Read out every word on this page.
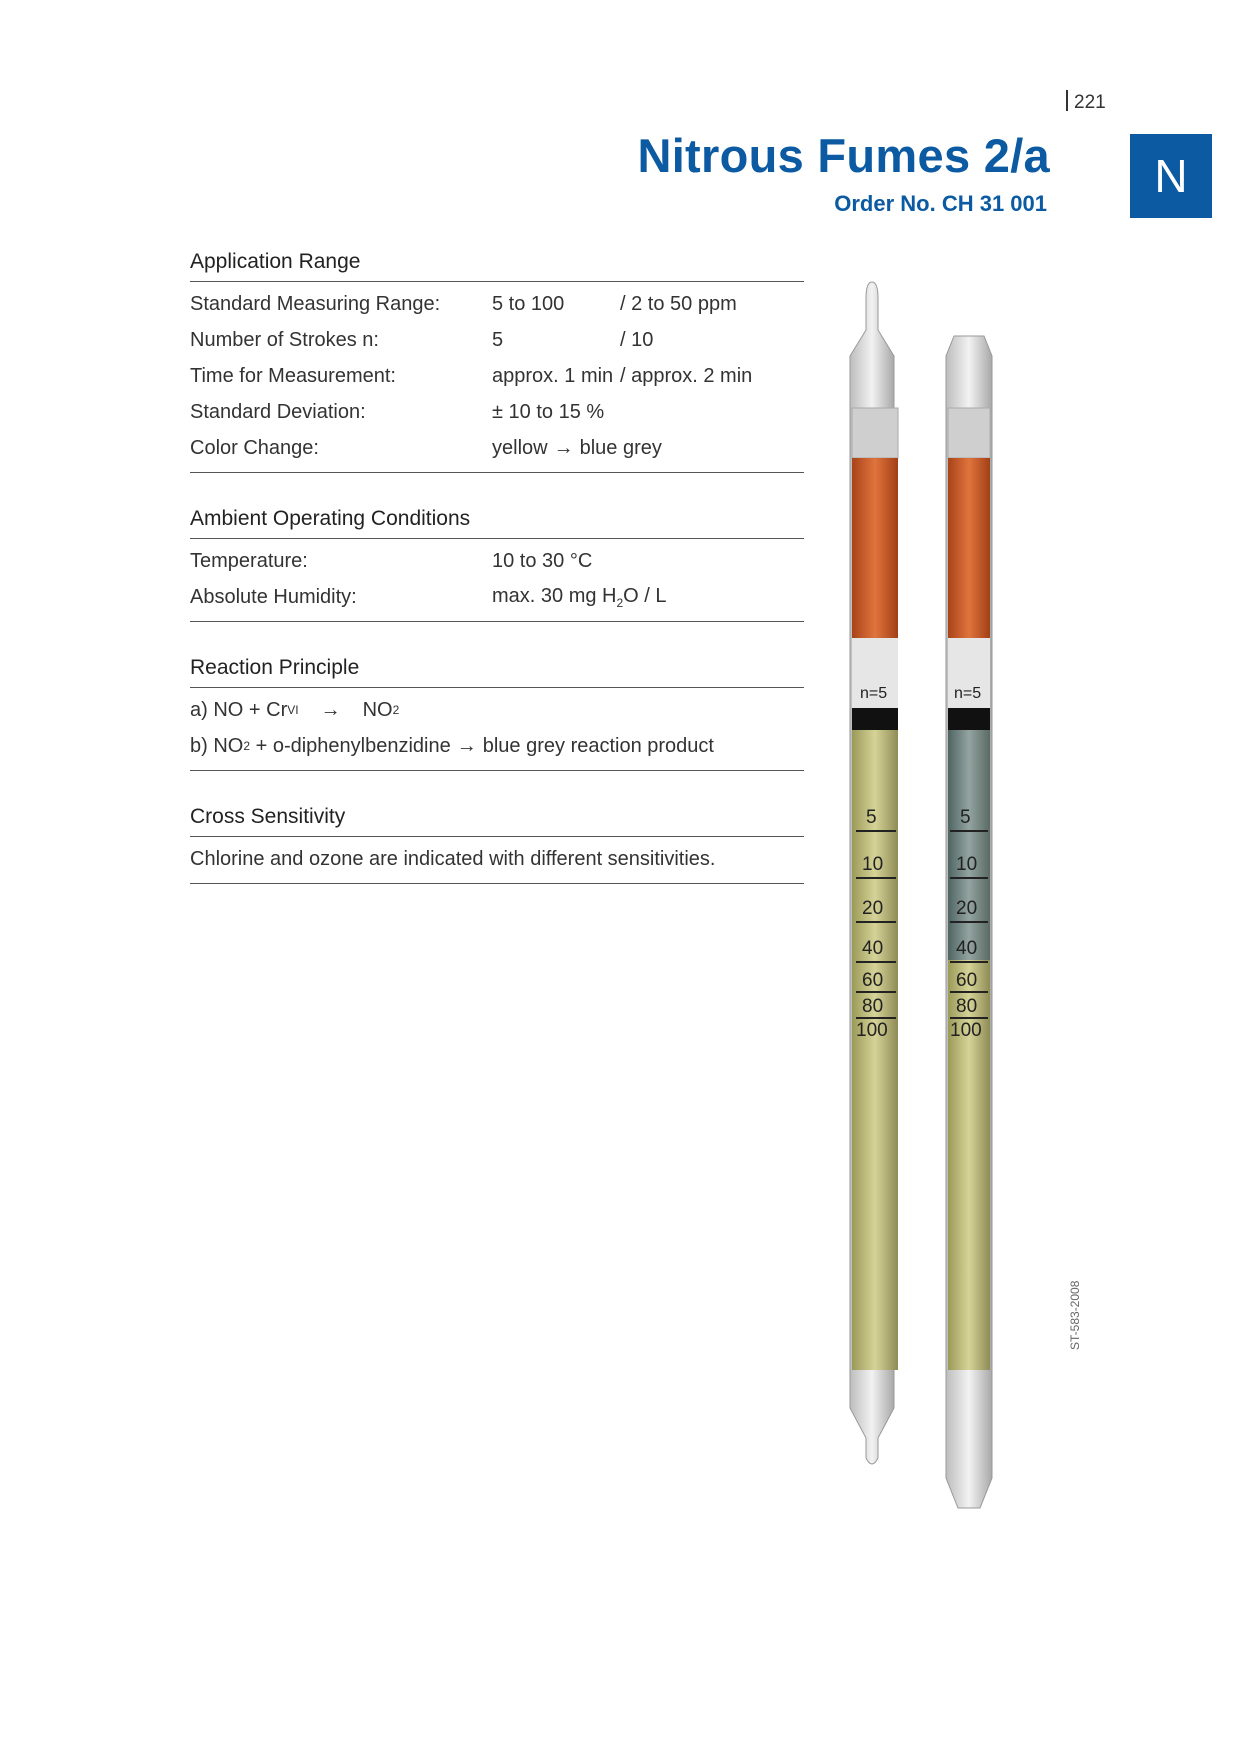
221
Nitrous Fumes 2/a
Order No. CH 31 001
N
Application Range
Standard Measuring Range:	5 to 100	/ 2 to 50 ppm
Number of Strokes n:	5	/ 10
Time for Measurement:	approx. 1 min / approx. 2 min
Standard Deviation:	± 10 to 15 %
Color Change:	yellow → blue grey
Ambient Operating Conditions
Temperature:	10 to 30 °C
Absolute Humidity:	max. 30 mg $H_2O$ / L
Reaction Principle
a) NO + Cr VI → NO 2
b) NO 2 + o-diphenylbenzidine → blue grey reaction product
Cross Sensitivity
Chlorine and ozone are indicated with different sensitivities.
n=5	n=5
5
10
20
40
60
80
100
5
10
20
40
60
80
100
ST-583-2008
